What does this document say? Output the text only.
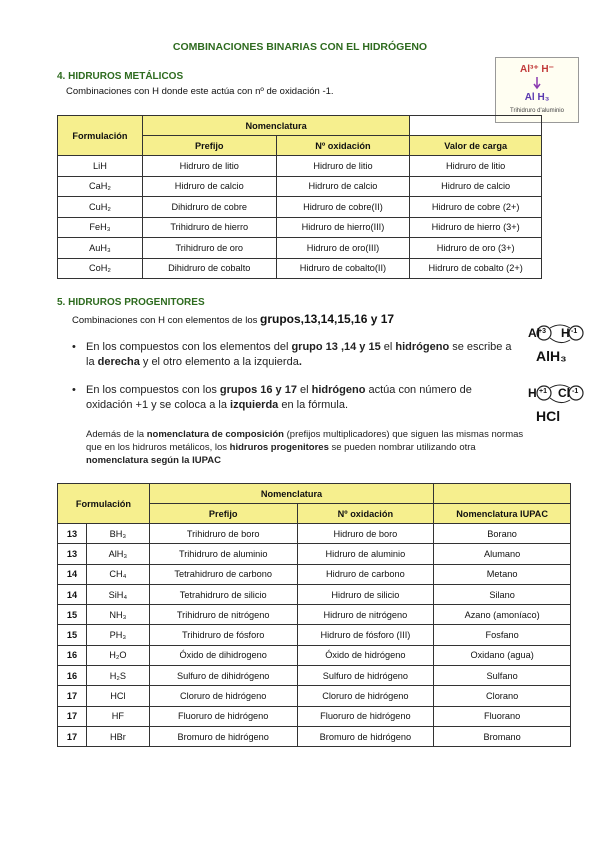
COMBINACIONES BINARIAS CON EL HIDRÓGENO
4. HIDRUROS METÁLICOS
Combinaciones con H donde este actúa con nº de oxidación -1.
Al³⁺ H⁻
Al H₃
Trihidruro d'aluminio
Formulación	Nomenclatura		
	Prefijo	Nº oxidación	Valor de carga
LiH	Hidruro de litio	Hidruro de litio	Hidruro de litio
CaH₂	Hidruro de calcio	Hidruro de calcio	Hidruro de calcio
CuH₂	Dihidruro de cobre	Hidruro de cobre(II)	Hidruro de cobre (2+)
FeH₃	Trihidruro de hierro	Hidruro de hierro(III)	Hidruro de hierro (3+)
AuH₃	Trihidruro de oro	Hidruro de oro(III)	Hidruro de oro (3+)
CoH₂	Dihidruro de cobalto	Hidruro de cobalto(II)	Hidruro de cobalto (2+)
5. HIDRUROS PROGENITORES
Combinaciones con H con elementos de los grupos,13,14,15,16 y 17
• En los compuestos con los elementos del grupo 13 ,14 y 15 el hidrógeno se escribe a la derecha y el otro elemento a la izquierda.
• En los compuestos con los grupos 16 y 17 el hidrógeno actúa con número de oxidación +1 y se coloca a la izquierda en la fórmula.
Al
+3 H -1
AlH₃
H +1 Cl -1
HCl
Además de la nomenclatura de composición (prefijos multiplicadores) que siguen las mismas normas que en los hidruros metálicos, los hidruros progenitores se pueden nombrar utilizando otra nomenclatura según la IUPAC
Formulación		Nomenclatura		
		Prefijo	Nº oxidación	Nomenclatura IUPAC
13	BH₃	Trihidruro de boro	Hidruro de boro	Borano
13	AlH₃	Trihidruro de aluminio	Hidruro de aluminio	Alumano
14	CH₄	Tetrahidruro de carbono	Hidruro de carbono	Metano
14	SiH₄	Tetrahidruro de silicio	Hidruro de silicio	Silano
15	NH₃	Trihidruro de nitrógeno	Hidruro de nitrógeno	Azano (amoníaco)
15	PH₃	Trihidruro de fósforo	Hidruro de fósforo (III)	Fosfano
16	H₂O	Óxido de dihidrogeno	Óxido de hidrógeno	Oxidano (agua)
16	H₂S	Sulfuro de dihidrógeno	Sulfuro de hidrógeno	Sulfano
17	HCl	Cloruro de hidrógeno	Cloruro de hidrógeno	Clorano
17	HF	Fluoruro de hidrógeno	Fluoruro de hidrógeno	Fluorano
17	HBr	Bromuro de hidrógeno	Bromuro de hidrógeno	Bromano
